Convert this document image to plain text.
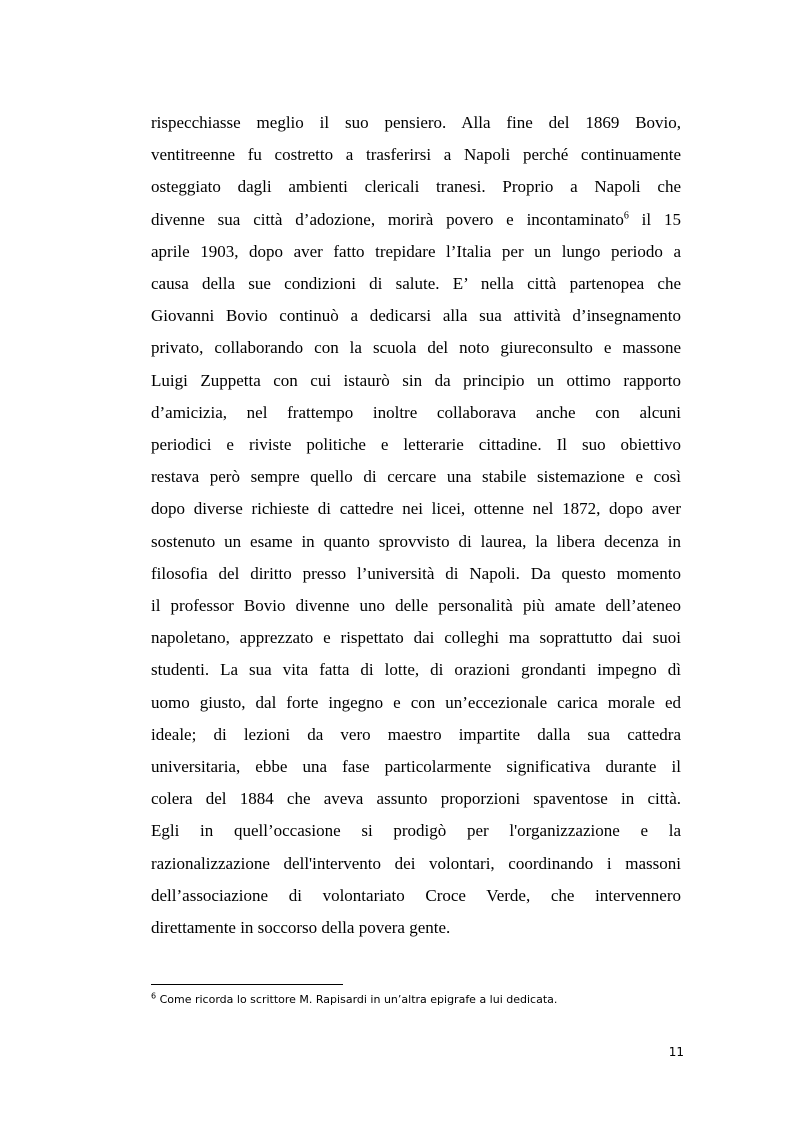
rispecchiasse meglio il suo pensiero. Alla fine del 1869 Bovio,
ventitreenne fu costretto a trasferirsi a Napoli perché continuamente
osteggiato dagli ambienti clericali tranesi. Proprio a Napoli che
divenne sua città d’adozione, morirà povero e incontaminato$^6$ il 15
aprile 1903, dopo aver fatto trepidare l’Italia per un lungo periodo a
causa della sue condizioni di salute. E’ nella città partenopea che
Giovanni Bovio continuò a dedicarsi alla sua attività d’insegnamento
privato, collaborando con la scuola del noto giureconsulto e massone
Luigi Zuppetta con cui istaurò sin da principio un ottimo rapporto
d’amicizia, nel frattempo inoltre collaborava anche con alcuni
periodici e riviste politiche e letterarie cittadine. Il suo obiettivo
restava però sempre quello di cercare una stabile sistemazione e così
dopo diverse richieste di cattedre nei licei, ottenne nel 1872, dopo aver
sostenuto un esame in quanto sprovvisto di laurea, la libera decenza in
filosofia del diritto presso l’università di Napoli. Da questo momento
il professor Bovio divenne uno delle personalità più amate dell’ateneo
napoletano, apprezzato e rispettato dai colleghi ma soprattutto dai suoi
studenti. La sua vita fatta di lotte, di orazioni grondanti impegno dì
uomo giusto, dal forte ingegno e con un’eccezionale carica morale ed
ideale; di lezioni da vero maestro impartite dalla sua cattedra
universitaria, ebbe una fase particolarmente significativa durante il
colera del 1884 che aveva assunto proporzioni spaventose in città.
Egli in quell’occasione si prodigò per l'organizzazione e la
razionalizzazione dell'intervento dei volontari, coordinando i massoni
dell’associazione di volontariato Croce Verde, che intervennero
direttamente in soccorso della povera gente.

$^6$ Come ricorda lo scrittore M. Rapisardi in un’altra epigrafe a lui dedicata.

11
